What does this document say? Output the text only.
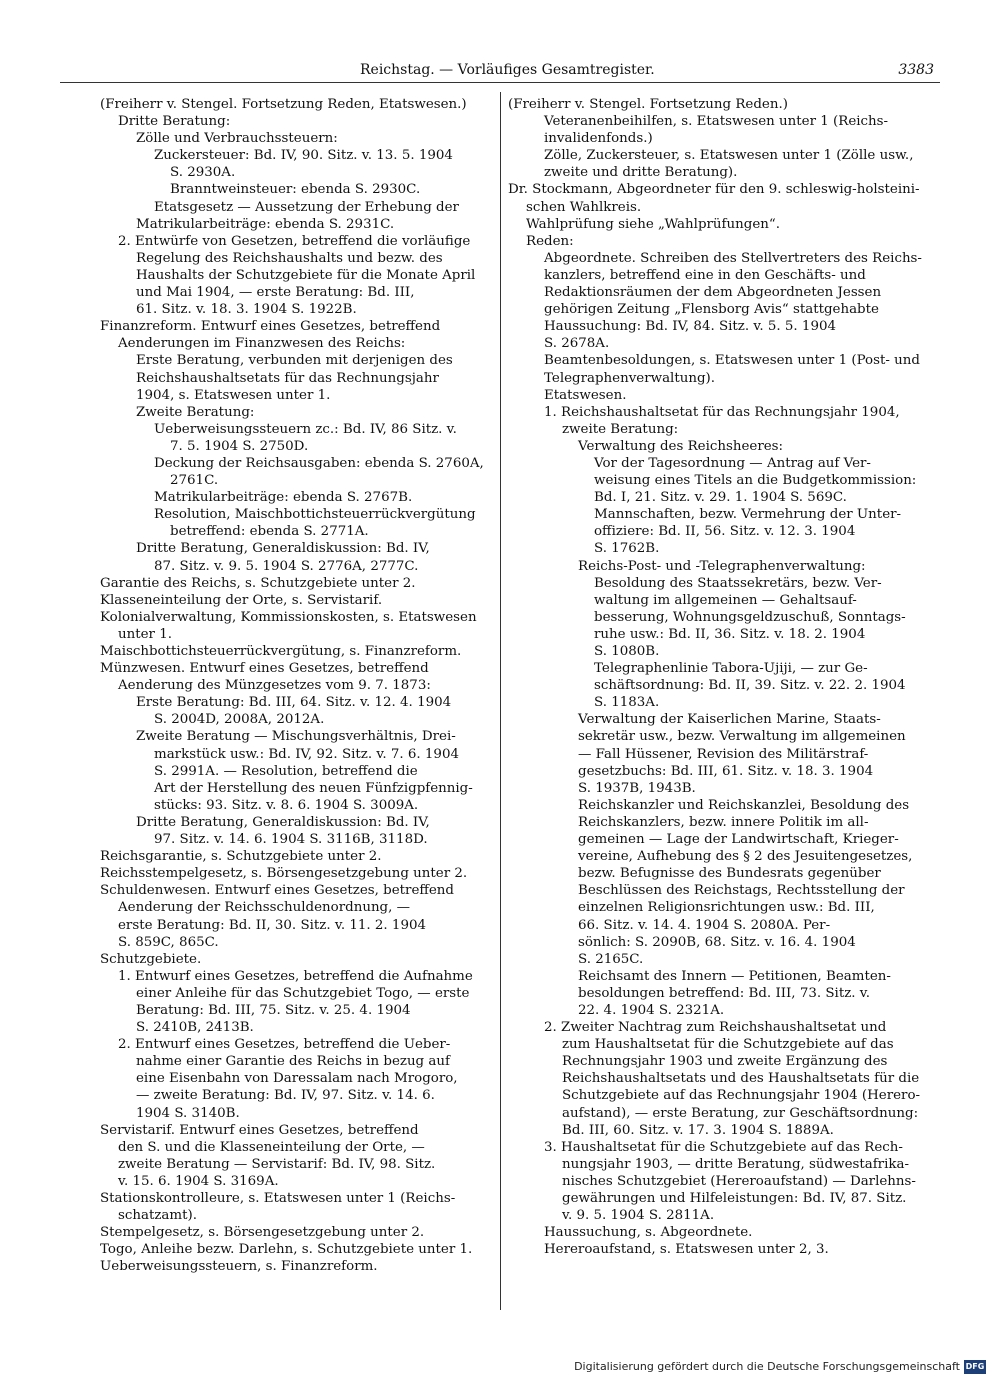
Reichstag. — Vorläufiges Gesamtregister.	3383
(Freiherr v. Stengel. Fortsetzung Reden, Etatswesen.)
Dritte Beratung:
Zölle und Verbrauchssteuern:
Zuckersteuer: Bd. IV, 90. Sitz. v. 13. 5. 1904
S. 2930A.
Branntweinsteuer: ebenda S. 2930C.
Etatsgesetz — Aussetzung der Erhebung der
Matrikularbeiträge: ebenda S. 2931C.
2. Entwürfe von Gesetzen, betreffend die vorläufige
Regelung des Reichshaushalts und bezw. des
Haushalts der Schutzgebiete für die Monate April
und Mai 1904, — erste Beratung: Bd. III,
61. Sitz. v. 18. 3. 1904 S. 1922B.
Finanzreform. Entwurf eines Gesetzes, betreffend
Aenderungen im Finanzwesen des Reichs:
Erste Beratung, verbunden mit derjenigen des
Reichshaushaltsetats für das Rechnungsjahr
1904, s. Etatswesen unter 1.
Zweite Beratung:
Ueberweisungssteuern zc.: Bd. IV, 86 Sitz. v.
7. 5. 1904 S. 2750D.
Deckung der Reichsausgaben: ebenda S. 2760A,
2761C.
Matrikularbeiträge: ebenda S. 2767B.
Resolution, Maischbottichsteuerrückvergütung
betreffend: ebenda S. 2771A.
Dritte Beratung, Generaldiskussion: Bd. IV,
87. Sitz. v. 9. 5. 1904 S. 2776A, 2777C.
Garantie des Reichs, s. Schutzgebiete unter 2.
Klasseneinteilung der Orte, s. Servistarif.
Kolonialverwaltung, Kommissionskosten, s. Etatswesen
unter 1.
Maischbottichsteuerrückvergütung, s. Finanzreform.
Münzwesen. Entwurf eines Gesetzes, betreffend
Aenderung des Münzgesetzes vom 9. 7. 1873:
Erste Beratung: Bd. III, 64. Sitz. v. 12. 4. 1904
S. 2004D, 2008A, 2012A.
Zweite Beratung — Mischungsverhältnis, Drei-
markstück usw.: Bd. IV, 92. Sitz. v. 7. 6. 1904
S. 2991A. — Resolution, betreffend die
Art der Herstellung des neuen Fünfzigpfennig-
stücks: 93. Sitz. v. 8. 6. 1904 S. 3009A.
Dritte Beratung, Generaldiskussion: Bd. IV,
97. Sitz. v. 14. 6. 1904 S. 3116B, 3118D.
Reichsgarantie, s. Schutzgebiete unter 2.
Reichsstempelgesetz, s. Börsengesetzgebung unter 2.
Schuldenwesen. Entwurf eines Gesetzes, betreffend
Aenderung der Reichsschuldenordnung, —
erste Beratung: Bd. II, 30. Sitz. v. 11. 2. 1904
S. 859C, 865C.
Schutzgebiete.
1. Entwurf eines Gesetzes, betreffend die Aufnahme
einer Anleihe für das Schutzgebiet Togo, — erste
Beratung: Bd. III, 75. Sitz. v. 25. 4. 1904
S. 2410B, 2413B.
2. Entwurf eines Gesetzes, betreffend die Ueber-
nahme einer Garantie des Reichs in bezug auf
eine Eisenbahn von Daressalam nach Mrogoro,
— zweite Beratung: Bd. IV, 97. Sitz. v. 14. 6.
1904 S. 3140B.
Servistarif. Entwurf eines Gesetzes, betreffend
den S. und die Klasseneinteilung der Orte, —
zweite Beratung — Servistarif: Bd. IV, 98. Sitz.
v. 15. 6. 1904 S. 3169A.
Stationskontrolleure, s. Etatswesen unter 1 (Reichs-
schatzamt).
Stempelgesetz, s. Börsengesetzgebung unter 2.
Togo, Anleihe bezw. Darlehn, s. Schutzgebiete unter 1.
Ueberweisungssteuern, s. Finanzreform.
(Freiherr v. Stengel. Fortsetzung Reden.)
Veteranenbeihilfen, s. Etatswesen unter 1 (Reichs-
invalidenfonds.)
Zölle, Zuckersteuer, s. Etatswesen unter 1 (Zölle usw.,
zweite und dritte Beratung).
Dr. Stockmann, Abgeordneter für den 9. schleswig-holsteini-
schen Wahlkreis.
Wahlprüfung siehe „Wahlprüfungen“.
Reden:
Abgeordnete. Schreiben des Stellvertreters des Reichs-
kanzlers, betreffend eine in den Geschäfts- und
Redaktionsräumen der dem Abgeordneten Jessen
gehörigen Zeitung „Flensborg Avis“ stattgehabte
Haussuchung: Bd. IV, 84. Sitz. v. 5. 5. 1904
S. 2678A.
Beamtenbesoldungen, s. Etatswesen unter 1 (Post- und
Telegraphenverwaltung).
Etatswesen.
1. Reichshaushaltsetat für das Rechnungsjahr 1904,
zweite Beratung:
Verwaltung des Reichsheeres:
Vor der Tagesordnung — Antrag auf Ver-
weisung eines Titels an die Budgetkommission:
Bd. I, 21. Sitz. v. 29. 1. 1904 S. 569C.
Mannschaften, bezw. Vermehrung der Unter-
offiziere: Bd. II, 56. Sitz. v. 12. 3. 1904
S. 1762B.
Reichs-Post- und -Telegraphenverwaltung:
Besoldung des Staatssekretärs, bezw. Ver-
waltung im allgemeinen — Gehaltsauf-
besserung, Wohnungsgeldzuschuß, Sonntags-
ruhe usw.: Bd. II, 36. Sitz. v. 18. 2. 1904
S. 1080B.
Telegraphenlinie Tabora-Ujiji, — zur Ge-
schäftsordnung: Bd. II, 39. Sitz. v. 22. 2. 1904
S. 1183A.
Verwaltung der Kaiserlichen Marine, Staats-
sekretär usw., bezw. Verwaltung im allgemeinen
— Fall Hüssener, Revision des Militärstraf-
gesetzbuchs: Bd. III, 61. Sitz. v. 18. 3. 1904
S. 1937B, 1943B.
Reichskanzler und Reichskanzlei, Besoldung des
Reichskanzlers, bezw. innere Politik im all-
gemeinen — Lage der Landwirtschaft, Krieger-
vereine, Aufhebung des § 2 des Jesuitengesetzes,
bezw. Befugnisse des Bundesrats gegenüber
Beschlüssen des Reichstags, Rechtsstellung der
einzelnen Religionsrichtungen usw.: Bd. III,
66. Sitz. v. 14. 4. 1904 S. 2080A. Per-
sönlich: S. 2090B, 68. Sitz. v. 16. 4. 1904
S. 2165C.
Reichsamt des Innern — Petitionen, Beamten-
besoldungen betreffend: Bd. III, 73. Sitz. v.
22. 4. 1904 S. 2321A.
2. Zweiter Nachtrag zum Reichshaushaltsetat und
zum Haushaltsetat für die Schutzgebiete auf das
Rechnungsjahr 1903 und zweite Ergänzung des
Reichshaushaltsetats und des Haushaltsetats für die
Schutzgebiete auf das Rechnungsjahr 1904 (Herero-
aufstand), — erste Beratung, zur Geschäftsordnung:
Bd. III, 60. Sitz. v. 17. 3. 1904 S. 1889A.
3. Haushaltsetat für die Schutzgebiete auf das Rech-
nungsjahr 1903, — dritte Beratung, südwestafrika-
nisches Schutzgebiet (Hereroaufstand) — Darlehns-
gewährungen und Hilfeleistungen: Bd. IV, 87. Sitz.
v. 9. 5. 1904 S. 2811A.
Haussuchung, s. Abgeordnete.
Hereroaufstand, s. Etatswesen unter 2, 3.
Digitalisierung gefördert durch die Deutsche Forschungsgemeinschaft DFG
